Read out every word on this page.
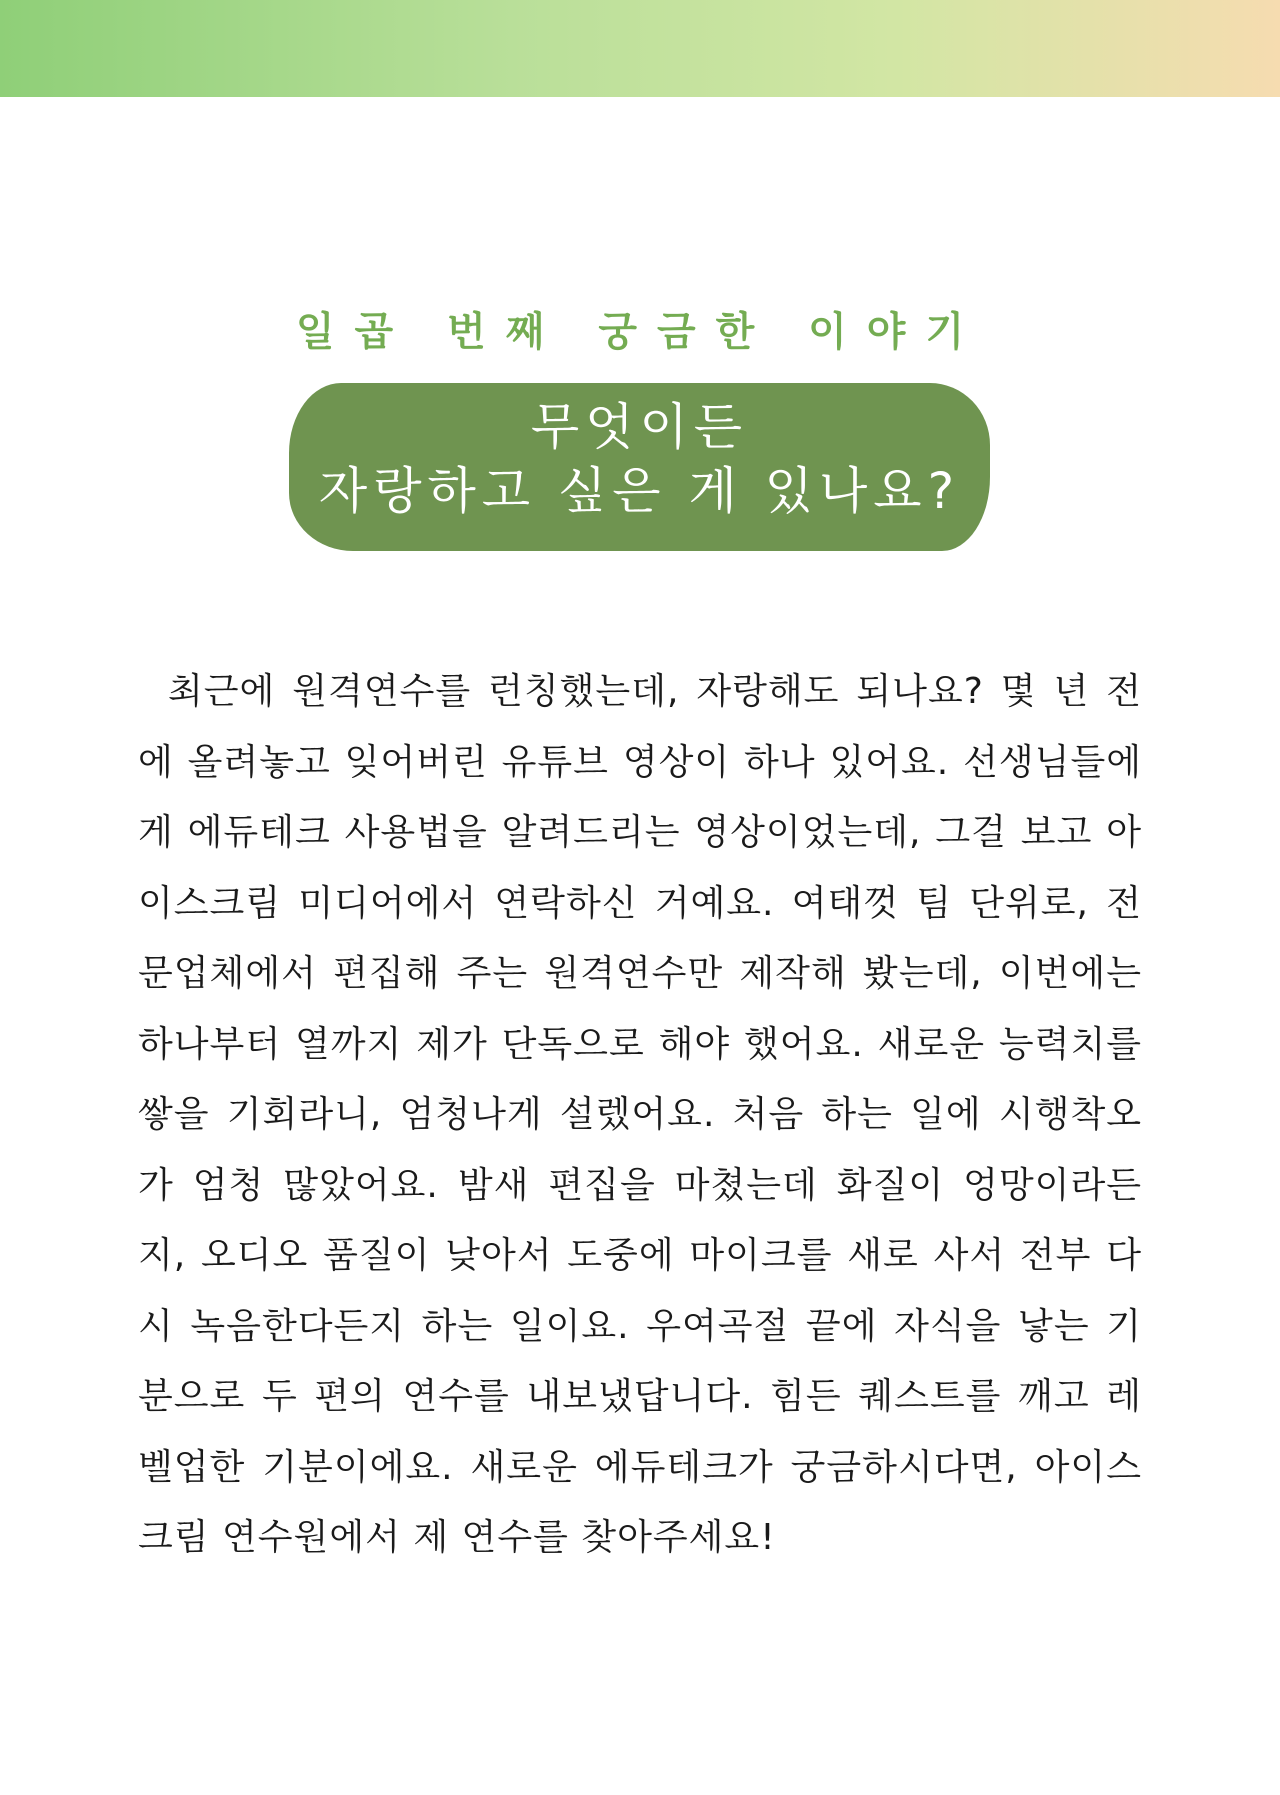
일곱 번째 궁금한 이야기
무엇이든
자랑하고 싶은 게 있나요?

최근에 원격연수를 런칭했는데, 자랑해도 되나요? 몇 년 전에 올려놓고 잊어버린 유튜브 영상이 하나 있어요. 선생님들에게 에듀테크 사용법을 알려드리는 영상이었는데, 그걸 보고 아이스크림 미디어에서 연락하신 거예요. 여태껏 팀 단위로, 전문업체에서 편집해 주는 원격연수만 제작해 봤는데, 이번에는 하나부터 열까지 제가 단독으로 해야 했어요. 새로운 능력치를 쌓을 기회라니, 엄청나게 설렜어요. 처음 하는 일에 시행착오가 엄청 많았어요. 밤새 편집을 마쳤는데 화질이 엉망이라든지, 오디오 품질이 낮아서 도중에 마이크를 새로 사서 전부 다시 녹음한다든지 하는 일이요. 우여곡절 끝에 자식을 낳는 기분으로 두 편의 연수를 내보냈답니다. 힘든 퀘스트를 깨고 레벨업한 기분이에요. 새로운 에듀테크가 궁금하시다면, 아이스크림 연수원에서 제 연수를 찾아주세요!
